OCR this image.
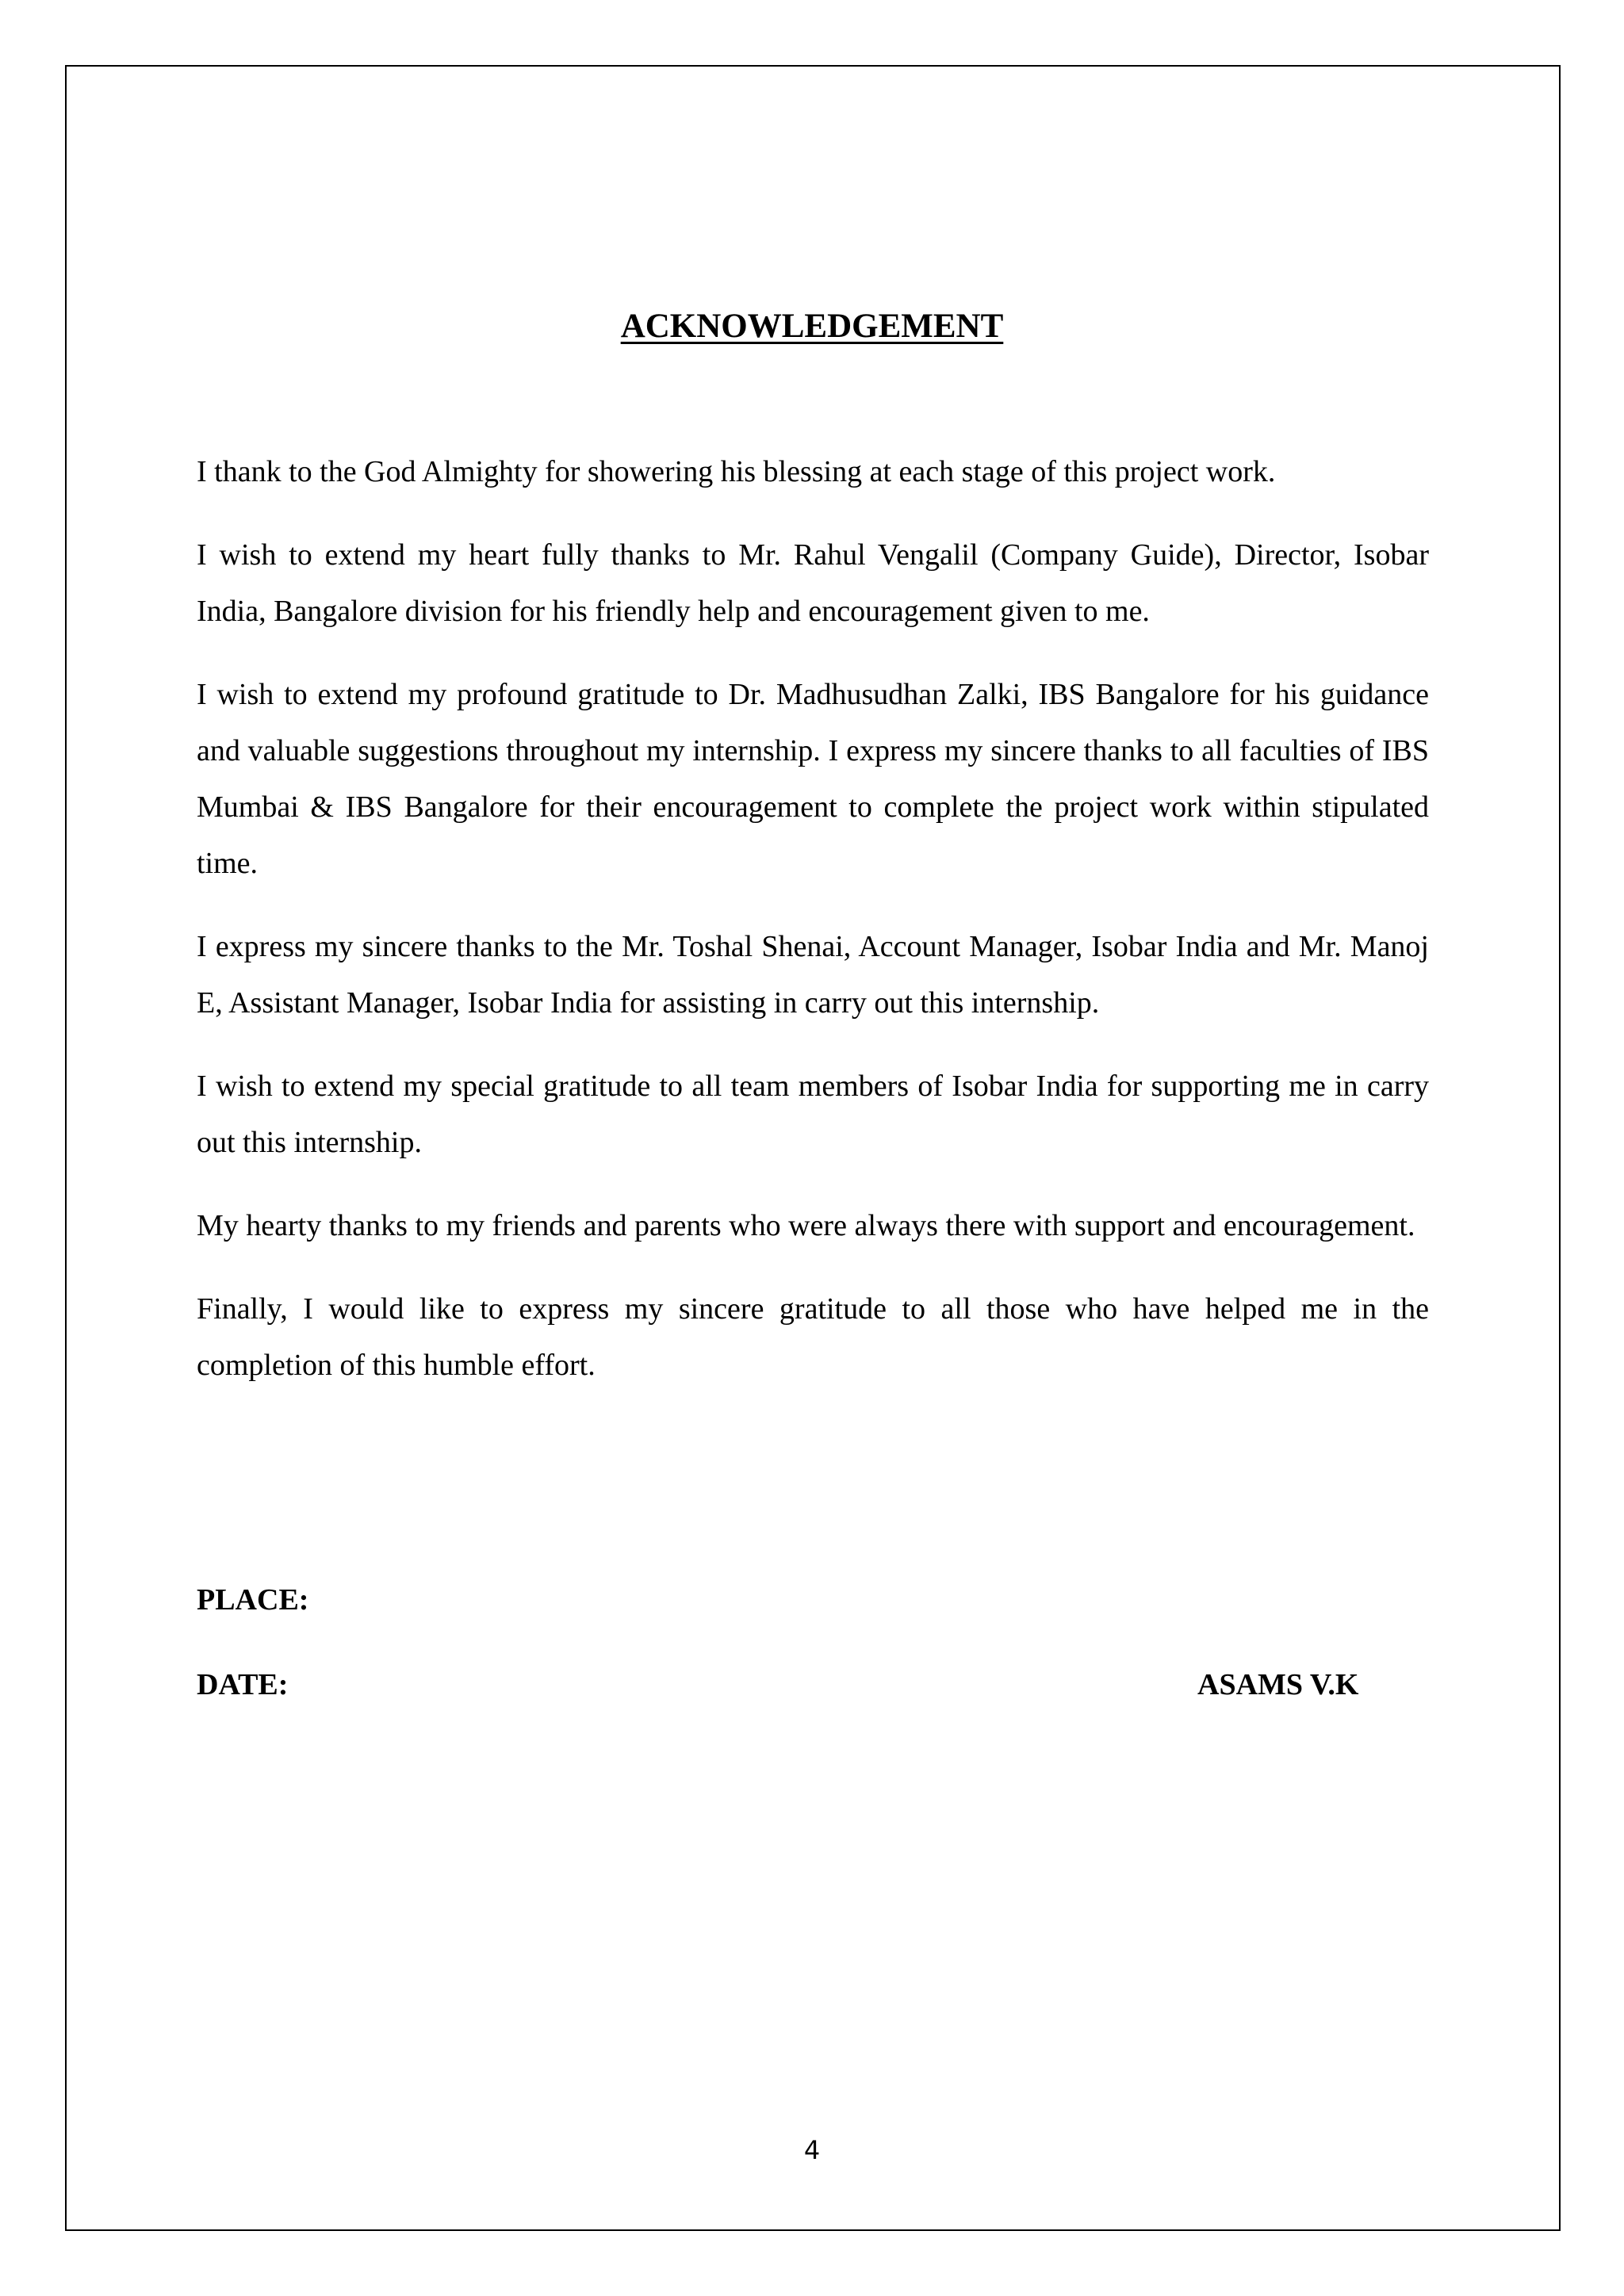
ACKNOWLEDGEMENT

I thank to the God Almighty for showering his blessing at each stage of this project work.

I wish to extend my heart fully thanks to Mr. Rahul Vengalil (Company Guide), Director, Isobar India, Bangalore division for his friendly help and encouragement given to me.

I wish to extend my profound gratitude to Dr. Madhusudhan Zalki, IBS Bangalore for his guidance and valuable suggestions throughout my internship. I express my sincere thanks to all faculties of IBS Mumbai & IBS Bangalore for their encouragement to complete the project work within stipulated time.

I express my sincere thanks to the Mr. Toshal Shenai, Account Manager, Isobar India and Mr. Manoj E, Assistant Manager, Isobar India for assisting in carry out this internship.

I wish to extend my special gratitude to all team members of Isobar India for supporting me in carry out this internship.

My hearty thanks to my friends and parents who were always there with support and encouragement.

Finally, I would like to express my sincere gratitude to all those who have helped me in the completion of this humble effort.

PLACE:
DATE:	ASAMS V.K
4
